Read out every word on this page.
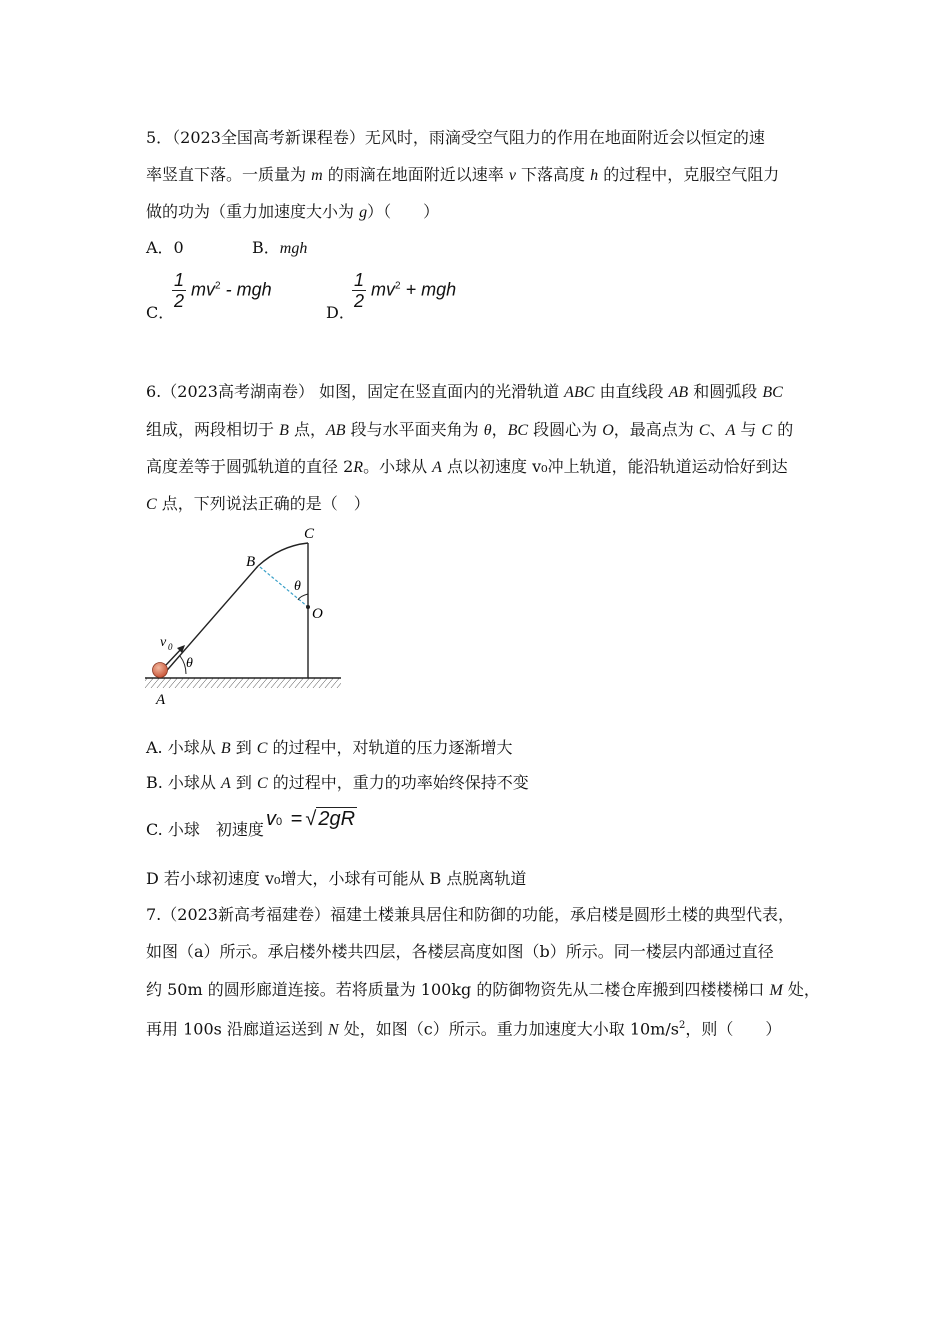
5．（2023全国高考新课程卷）无风时，雨滴受空气阻力的作用在地面附近会以恒定的速
率竖直下落。一质量为 m 的雨滴在地面附近以速率 v 下落高度 h 的过程中，克服空气阻力
做的功为（重力加速度大小为 g）（　　）
A．0	B．mgh
C．
$\frac{1}{2} mv^2$ - mgh
D．
$\frac{1}{2} mv^2$ + mgh
6.（2023高考湖南卷） 如图，固定在竖直面内的光滑轨道 ABC 由直线段 AB 和圆弧段 BC
组成，两段相切于 B 点，AB 段与水平面夹角为 θ，BC 段圆心为 O，最高点为 C、A 与 C 的
高度差等于圆弧轨道的直径 2R。小球从 A 点以初速度 v₀冲上轨道，能沿轨道运动恰好到达
C 点，下列说法正确的是（　）
C
B
θ
O
v 0
θ
A
A. 小球从 B 到 C 的过程中，对轨道的压力逐渐增大
B. 小球从 A 到 C 的过程中，重力的功率始终保持不变
C. 小球　初速度 v0 = √ 2gR
D 若小球初速度 v₀增大，小球有可能从 B 点脱离轨道
7.（2023新高考福建卷）福建土楼兼具居住和防御的功能，承启楼是圆形土楼的典型代表，
如图（a）所示。承启楼外楼共四层，各楼层高度如图（b）所示。同一楼层内部通过直径
约 50m 的圆形廊道连接。若将质量为 100kg 的防御物资先从二楼仓库搬到四楼楼梯口 M 处，
再用 100s 沿廊道运送到 N 处，如图（c）所示。重力加速度大小取 $10m/s^2$，则（　　）
